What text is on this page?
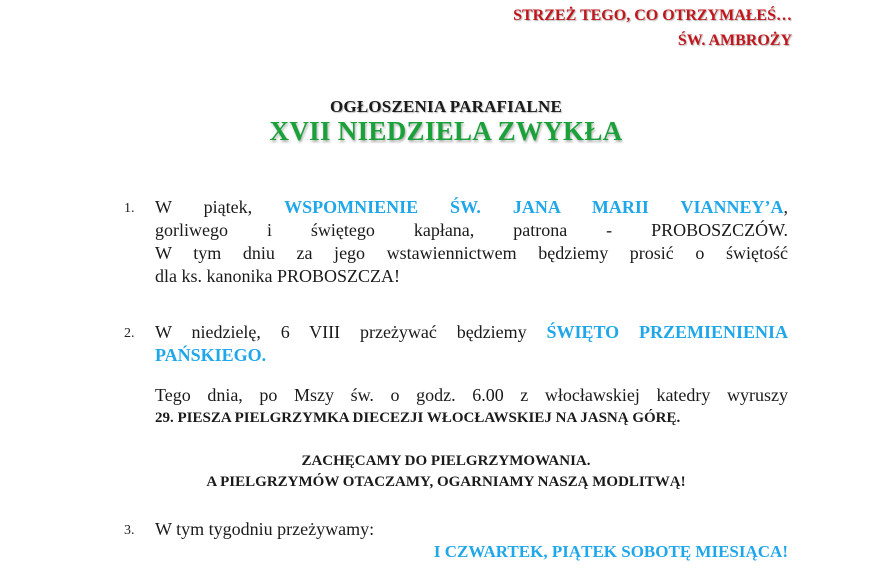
STRZEŻ TEGO, CO OTRZYMAŁEŚ…
ŚW. AMBROŻY
OGŁOSZENIA PARAFIALNE
XVII NIEDZIELA ZWYKŁA
1. W piątek, WSPOMNIENIE ŚW. JANA MARII VIANNEY’A,
gorliwego i świętego kapłana, patrona - PROBOSZCZÓW.
W tym dniu za jego wstawiennictwem będziemy prosić o świętość
dla ks. kanonika PROBOSZCZA!
2. W niedzielę, 6 VIII przeżywać będziemy ŚWIĘTO PRZEMIENIENIA
PAŃSKIEGO.
Tego dnia, po Mszy św. o godz. 6.00 z włocławskiej katedry wyruszy
29. PIESZA PIELGRZYMKA DIECEZJI WŁOCŁAWSKIEJ NA JASNĄ GÓRĘ.
ZACHĘCAMY DO PIELGRZYMOWANIA.
A PIELGRZYMÓW OTACZAMY, OGARNIAMY NASZĄ MODLITWĄ!
3. W tym tygodniu przeżywamy:
I CZWARTEK, PIĄTEK SOBOTĘ MIESIĄCA!
